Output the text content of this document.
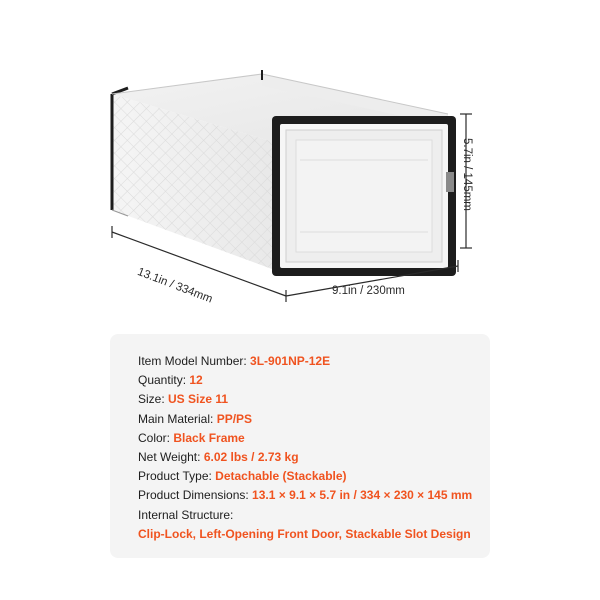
13.1in / 334mm	9.1in / 230mm
5.7in / 145mm
Item Model Number: 3L-901NP-12E
Quantity: 12
Size: US Size 11
Main Material: PP/PS
Color: Black Frame
Net Weight: 6.02 lbs / 2.73 kg
Product Type: Detachable (Stackable)
Product Dimensions: 13.1 × 9.1 × 5.7 in / 334 × 230 × 145 mm
Internal Structure:
Clip-Lock, Left-Opening Front Door, Stackable Slot Design
